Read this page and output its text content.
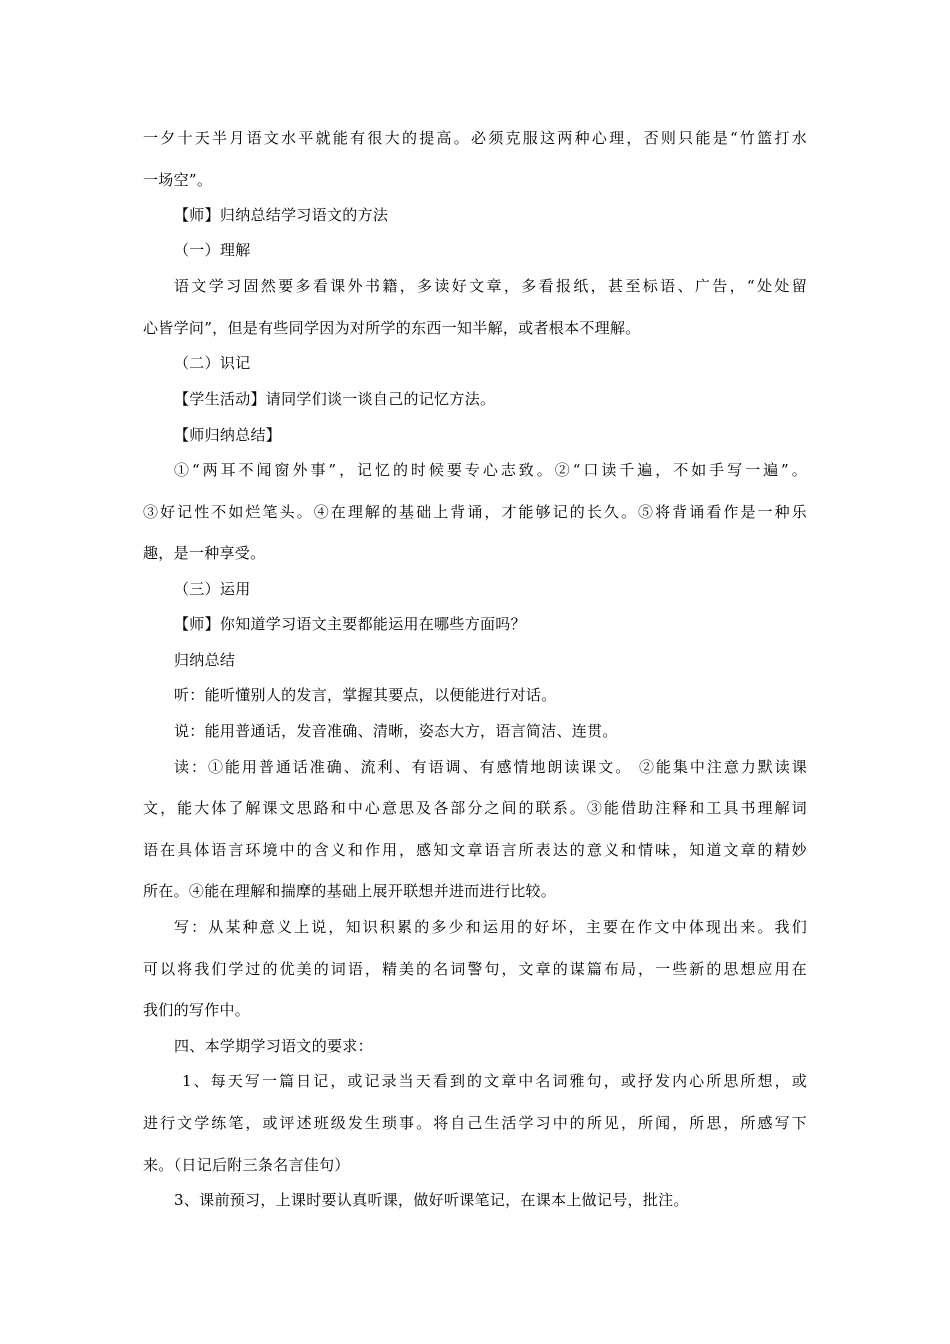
一夕十天半月语文水平就能有很大的提高。必须克服这两种心理，否则只能是“竹篮打水
一场空”。
【师】归纳总结学习语文的方法
（一）理解
语文学习固然要多看课外书籍，多读好文章，多看报纸，甚至标语、广告，“处处留
心皆学问”，但是有些同学因为对所学的东西一知半解，或者根本不理解。
（二）识记
【学生活动】请同学们谈一谈自己的记忆方法。
【师归纳总结】
①“两耳不闻窗外事”，记忆的时候要专心志致。②“口读千遍，不如手写一遍”。
③好记性不如烂笔头。④在理解的基础上背诵，才能够记的长久。⑤将背诵看作是一种乐
趣，是一种享受。
（三）运用
【师】你知道学习语文主要都能运用在哪些方面吗？
归纳总结
听：能听懂别人的发言，掌握其要点，以便能进行对话。
说：能用普通话，发音准确、清晰，姿态大方，语言简洁、连贯。
读：①能用普通话准确、流利、有语调、有感情地朗读课文。 ②能集中注意力默读课
文，能大体了解课文思路和中心意思及各部分之间的联系。③能借助注释和工具书理解词
语在具体语言环境中的含义和作用，感知文章语言所表达的意义和情味，知道文章的精妙
所在。④能在理解和揣摩的基础上展开联想并进而进行比较。
写：从某种意义上说，知识积累的多少和运用的好坏，主要在作文中体现出来。我们
可以将我们学过的优美的词语，精美的名词警句，文章的谋篇布局，一些新的思想应用在
我们的写作中。
四、本学期学习语文的要求：
1、每天写一篇日记，或记录当天看到的文章中名词雅句，或抒发内心所思所想，或
进行文学练笔，或评述班级发生琐事。将自己生活学习中的所见，所闻，所思，所感写下
来。（日记后附三条名言佳句）
3、课前预习，上课时要认真听课，做好听课笔记，在课本上做记号，批注。
